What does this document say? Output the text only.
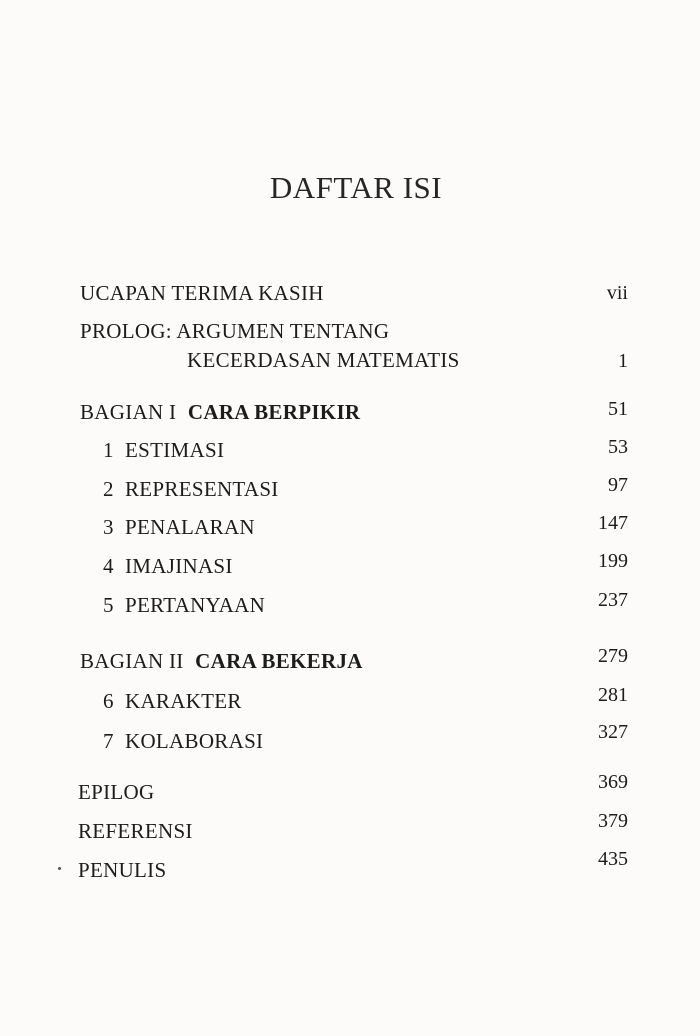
DAFTAR ISI
UCAPAN TERIMA KASIH	vii
PROLOG: ARGUMEN TENTANG
KECERDASAN MATEMATIS	1
BAGIAN I CARA BERPIKIR	51
1 ESTIMASI	53
2 REPRESENTASI	97
3 PENALARAN	147
4 IMAJINASI	199
5 PERTANYAAN	237
BAGIAN II CARA BEKERJA	279
6 KARAKTER	281
7 KOLABORASI	327
EPILOG	369
REFERENSI	379
PENULIS	435
